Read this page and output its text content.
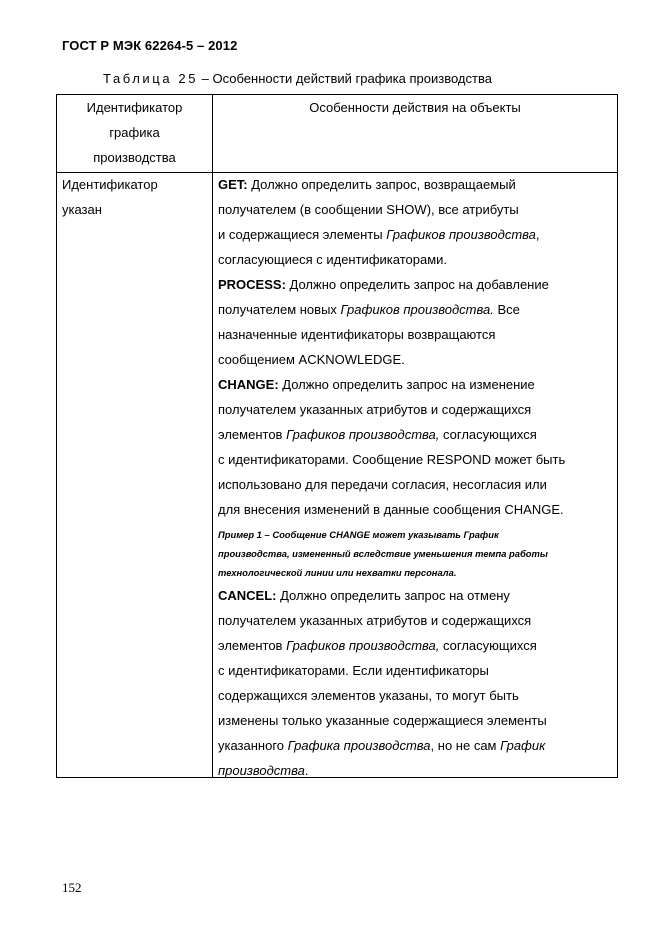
ГОСТ Р МЭК 62264-5 – 2012
Таблица 25 – Особенности действий графика производства
Идентификатор
графика
производства
Особенности действия на объекты
Идентификатор
указан
GET: Должно определить запрос, возвращаемый
получателем (в сообщении SHOW), все атрибуты
и содержащиеся элементы Графиков производства,
согласующиеся с идентификаторами.
PROCESS: Должно определить запрос на добавление
получателем новых Графиков производства. Все
назначенные идентификаторы возвращаются
сообщением ACKNOWLEDGE.
CHANGE: Должно определить запрос на изменение
получателем указанных атрибутов и содержащихся
элементов Графиков производства, согласующихся
с идентификаторами. Сообщение RESPOND может быть
использовано для передачи согласия, несогласия или
для внесения изменений в данные сообщения CHANGE.
Пример 1 – Сообщение CHANGE может указывать График
производства, измененный вследствие уменьшения темпа работы
технологической линии или нехватки персонала.
CANCEL: Должно определить запрос на отмену
получателем указанных атрибутов и содержащихся
элементов Графиков производства, согласующихся
с идентификаторами. Если идентификаторы
содержащихся элементов указаны, то могут быть
изменены только указанные содержащиеся элементы
указанного Графика производства, но не сам График
производства.
152
